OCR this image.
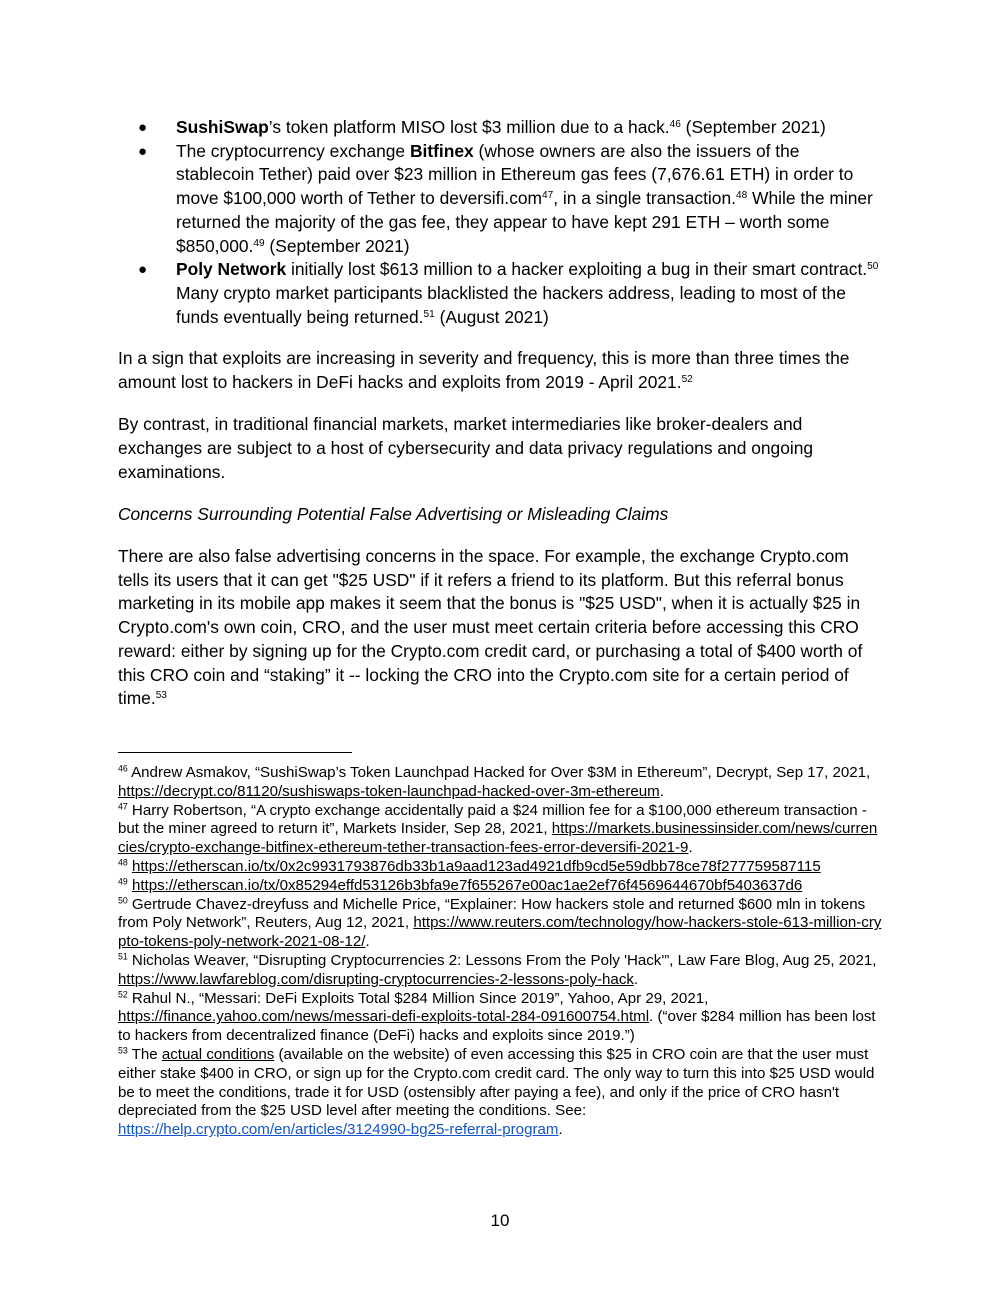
● SushiSwap’s token platform MISO lost $3 million due to a hack.$^{46}$ (September 2021)
● The cryptocurrency exchange Bitfinex (whose owners are also the issuers of the stablecoin Tether) paid over $23 million in Ethereum gas fees (7,676.61 ETH) in order to move $100,000 worth of Tether to deversifi.com$^{47}$, in a single transaction.$^{48}$ While the miner returned the majority of the gas fee, they appear to have kept 291 ETH – worth some $850,000.49 (September 2021)
● Poly Network initially lost $613 million to a hacker exploiting a bug in their smart contract.$^{50}$ Many crypto market participants blacklisted the hackers address, leading to most of the funds eventually being returned.$^{51}$ (August 2021)

In a sign that exploits are increasing in severity and frequency, this is more than three times the amount lost to hackers in DeFi hacks and exploits from 2019 - April 2021.52

By contrast, in traditional financial markets, market intermediaries like broker-dealers and exchanges are subject to a host of cybersecurity and data privacy regulations and ongoing examinations.

Concerns Surrounding Potential False Advertising or Misleading Claims

There are also false advertising concerns in the space. For example, the exchange Crypto.com tells its users that it can get "$25 USD" if it refers a friend to its platform. But this referral bonus marketing in its mobile app makes it seem that the bonus is "$25 USD", when it is actually $25 in Crypto.com's own coin, CRO, and the user must meet certain criteria before accessing this CRO reward: either by signing up for the Crypto.com credit card, or purchasing a total of $400 worth of this CRO coin and “staking” it -- locking the CRO into the Crypto.com site for a certain period of time.$^{53}$

$^{46}$ Andrew Asmakov, “SushiSwap’s Token Launchpad Hacked for Over $3M in Ethereum”, Decrypt, Sep 17, 2021, https://decrypt.co/81120/sushiswaps-token-launchpad-hacked-over-3m-ethereum.

$^{47}$ Harry Robertson, “A crypto exchange accidentally paid a $24 million fee for a $100,000 ethereum transaction - but the miner agreed to return it”, Markets Insider, Sep 28, 2021, https://markets.businessinsider.com/news/currencies/crypto-exchange-bitfinex-ethereum-tether-transaction-fees-error-deversifi-2021-9.

$^{48}$ https://etherscan.io/tx/0x2c9931793876db33b1a9aad123ad4921dfb9cd5e59dbb78ce78f277759587115

$^{49}$ https://etherscan.io/tx/0x85294effd53126b3bfa9e7f655267e00ac1ae2ef76f4569644670bf5403637d6

$^{50}$ Gertrude Chavez-dreyfuss and Michelle Price, “Explainer: How hackers stole and returned $600 mln in tokens from Poly Network”, Reuters, Aug 12, 2021, https://www.reuters.com/technology/how-hackers-stole-613-million-crypto-tokens-poly-network-2021-08-12/.

$^{51}$ Nicholas Weaver, “Disrupting Cryptocurrencies 2: Lessons From the Poly 'Hack'”, Law Fare Blog, Aug 25, 2021, https://www.lawfareblog.com/disrupting-cryptocurrencies-2-lessons-poly-hack.

$^{52}$ Rahul N., “Messari: DeFi Exploits Total $284 Million Since 2019”, Yahoo, Apr 29, 2021, https://finance.yahoo.com/news/messari-defi-exploits-total-284-091600754.html. (“over $284 million has been lost to hackers from decentralized finance (DeFi) hacks and exploits since 2019.”)

$^{53}$ The actual conditions (available on the website) of even accessing this $25 in CRO coin are that the user must either stake $400 in CRO, or sign up for the Crypto.com credit card. The only way to turn this into $25 USD would be to meet the conditions, trade it for USD (ostensibly after paying a fee), and only if the price of CRO hasn't depreciated from the $25 USD level after meeting the conditions. See: https://help.crypto.com/en/articles/3124990-bg25-referral-program.

10
